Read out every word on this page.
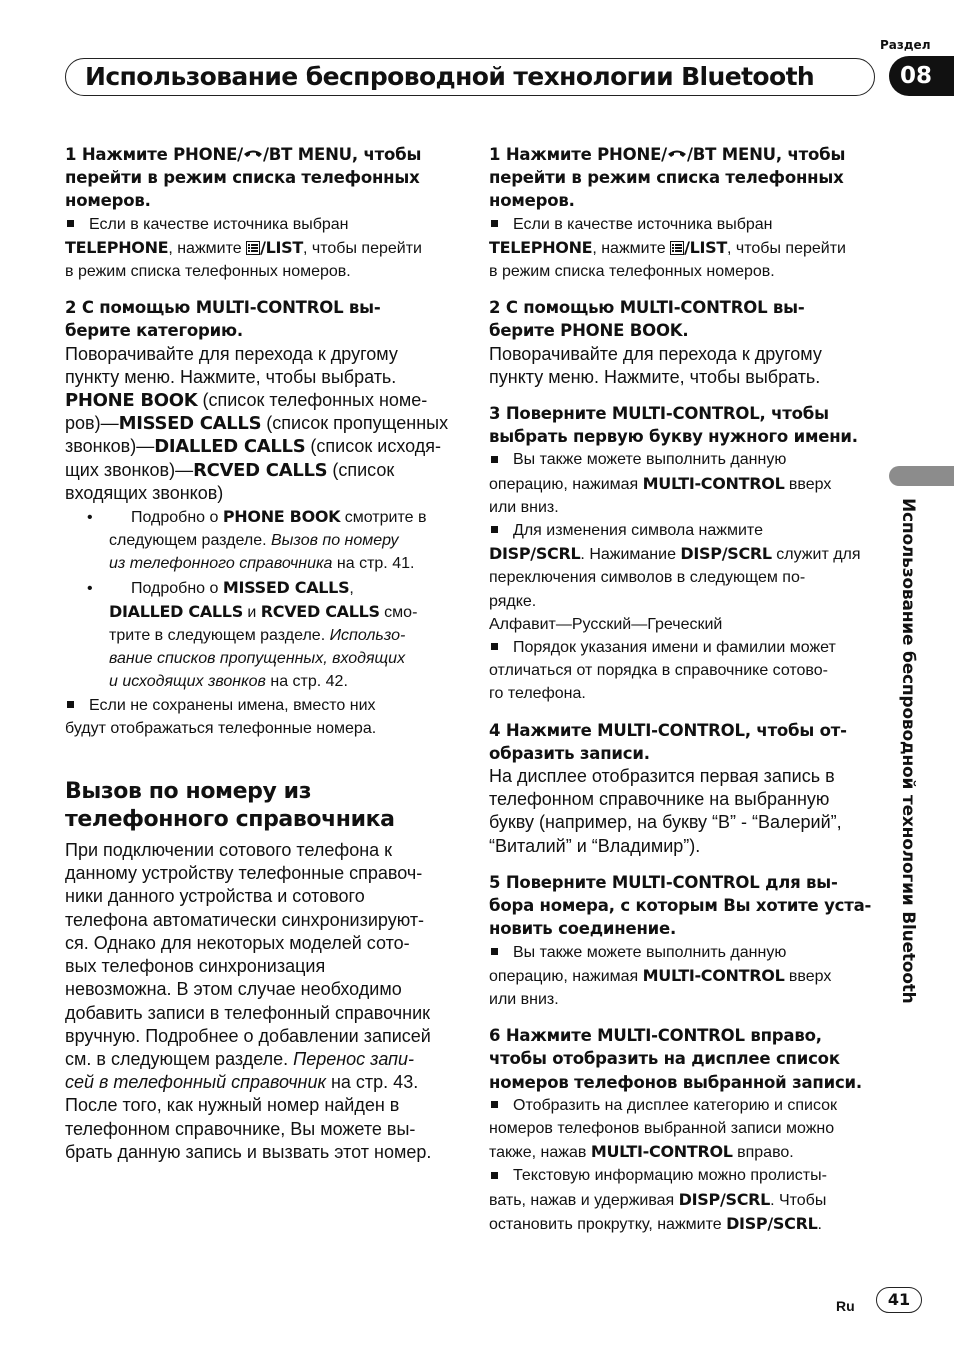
Использование беспроводной технологии Bluetooth
Раздел
08
Использование беспроводной технологии Bluetooth
1 Нажмите PHONE/ /BT MENU, чтобы
перейти в режим списка телефонных
номеров.
Если в качестве источника выбран
TELEPHONE, нажмите /LIST, чтобы перейти
в режим списка телефонных номеров.
2 С помощью MULTI-CONTROL вы-
берите категорию.
Поворачивайте для перехода к другому
пункту меню. Нажмите, чтобы выбрать.
PHONE BOOK (список телефонных номе-
ров)—MISSED CALLS (список пропущенных
звонков)—DIALLED CALLS (список исходя-
щих звонков)—RCVED CALLS (список
входящих звонков)
• Подробно о PHONE BOOK смотрите в
следующем разделе. Вызов по номеру
из телефонного справочника на стр. 41.
• Подробно о MISSED CALLS,
DIALLED CALLS и RCVED CALLS смо-
трите в следующем разделе. Использо-
вание списков пропущенных, входящих
и исходящих звонков на стр. 42.
Если не сохранены имена, вместо них
будут отображаться телефонные номера.
Вызов по номеру из
телефонного справочника
При подключении сотового телефона к
данному устройству телефонные справоч-
ники данного устройства и сотового
телефона автоматически синхронизируют-
ся. Однако для некоторых моделей сото-
вых телефонов синхронизация
невозможна. В этом случае необходимо
добавить записи в телефонный справочник
вручную. Подробнее о добавлении записей
см. в следующем разделе. Перенос запи-
сей в телефонный справочник на стр. 43.
После того, как нужный номер найден в
телефонном справочнике, Вы можете вы-
брать данную запись и вызвать этот номер.
1 Нажмите PHONE/ /BT MENU, чтобы
перейти в режим списка телефонных
номеров.
Если в качестве источника выбран
TELEPHONE, нажмите /LIST, чтобы перейти
в режим списка телефонных номеров.
2 С помощью MULTI-CONTROL вы-
берите PHONE BOOK.
Поворачивайте для перехода к другому
пункту меню. Нажмите, чтобы выбрать.
3 Поверните MULTI-CONTROL, чтобы
выбрать первую букву нужного имени.
Вы также можете выполнить данную
операцию, нажимая MULTI-CONTROL вверх
или вниз.
Для изменения символа нажмите
DISP/SCRL. Нажимание DISP/SCRL служит для
переключения символов в следующем по-
рядке.
Алфавит—Русский—Греческий
Порядок указания имени и фамилии может
отличаться от порядка в справочнике сотово-
го телефона.
4 Нажмите MULTI-CONTROL, чтобы от-
образить записи.
На дисплее отобразится первая запись в
телефонном справочнике на выбранную
букву (например, на букву “В” - “Валерий”,
“Виталий” и “Владимир”).
5 Поверните MULTI-CONTROL для вы-
бора номера, с которым Вы хотите уста-
новить соединение.
Вы также можете выполнить данную
операцию, нажимая MULTI-CONTROL вверх
или вниз.
6 Нажмите MULTI-CONTROL вправо,
чтобы отобразить на дисплее список
номеров телефонов выбранной записи.
Отобразить на дисплее категорию и список
номеров телефонов выбранной записи можно
также, нажав MULTI-CONTROL вправо.
Текстовую информацию можно пролисты-
вать, нажав и удерживая DISP/SCRL. Чтобы
остановить прокрутку, нажмите DISP/SCRL.
Ru	41
